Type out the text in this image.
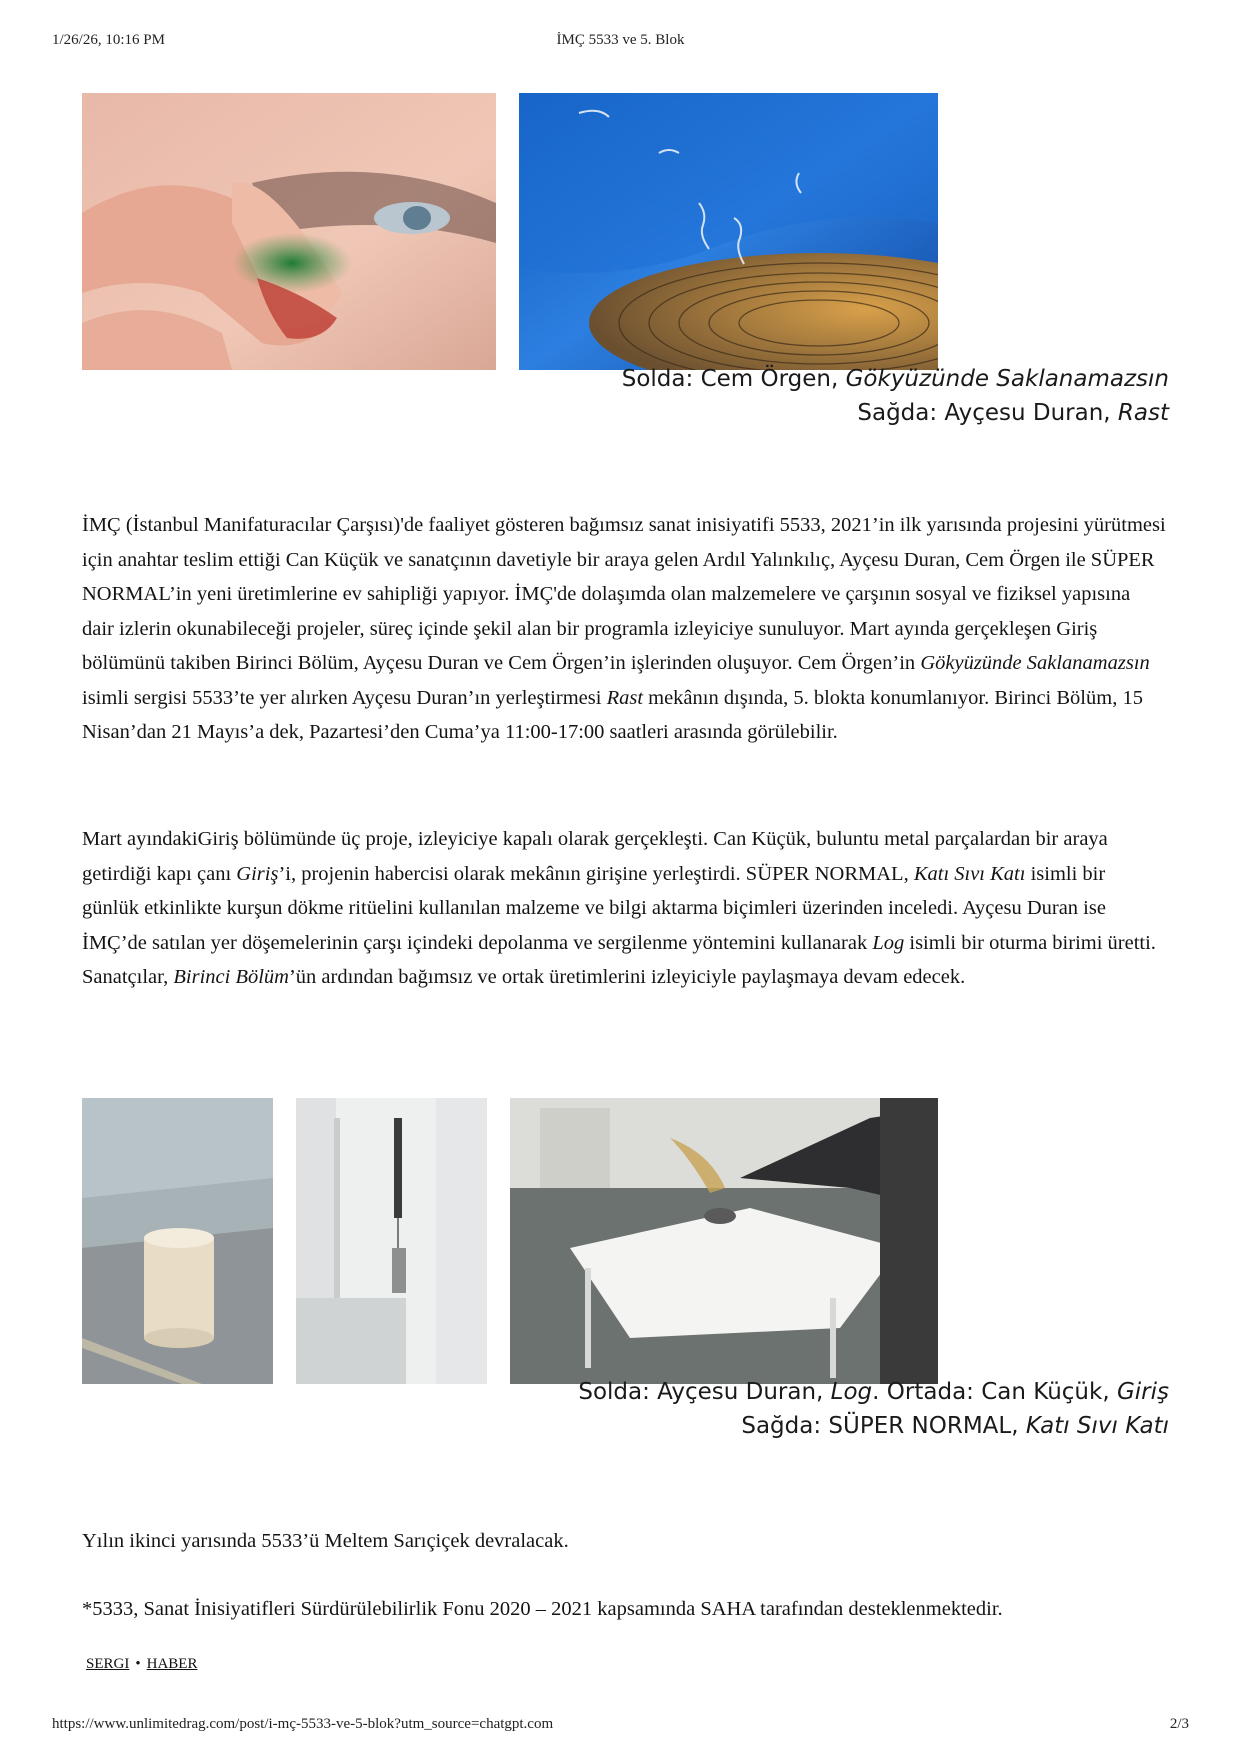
1/26/26, 10:16 PM	İMÇ 5533 ve 5. Blok
Solda: Cem Örgen, Gökyüzünde Saklanamazsın
Sağda: Ayçesu Duran, Rast

İMÇ (İstanbul Manifaturacılar Çarşısı)'de faaliyet gösteren bağımsız sanat inisiyatifi 5533, 2021’in ilk yarısında projesini yürütmesi için anahtar teslim ettiği Can Küçük ve sanatçının davetiyle bir araya gelen Ardıl Yalınkılıç, Ayçesu Duran, Cem Örgen ile SÜPER NORMAL’in yeni üretimlerine ev sahipliği yapıyor. İMÇ'de dolaşımda olan malzemelere ve çarşının sosyal ve fiziksel yapısına dair izlerin okunabileceği projeler, süreç içinde şekil alan bir programla izleyiciye sunuluyor. Mart ayında gerçekleşen Giriş bölümünü takiben Birinci Bölüm, Ayçesu Duran ve Cem Örgen’in işlerinden oluşuyor. Cem Örgen’in Gökyüzünde Saklanamazsın isimli sergisi 5533’te yer alırken Ayçesu Duran’ın yerleştirmesi Rast mekânın dışında, 5. blokta konumlanıyor. Birinci Bölüm, 15 Nisan’dan 21 Mayıs’a dek, Pazartesi’den Cuma’ya 11:00-17:00 saatleri arasında görülebilir.

Mart ayındakiGiriş bölümünde üç proje, izleyiciye kapalı olarak gerçekleşti. Can Küçük, buluntu metal parçalardan bir araya getirdiği kapı çanı Giriş’i, projenin habercisi olarak mekânın girişine yerleştirdi. SÜPER NORMAL, Katı Sıvı Katı isimli bir günlük etkinlikte kurşun dökme ritüelini kullanılan malzeme ve bilgi aktarma biçimleri üzerinden inceledi. Ayçesu Duran ise İMÇ’de satılan yer döşemelerinin çarşı içindeki depolanma ve sergilenme yöntemini kullanarak Log isimli bir oturma birimi üretti. Sanatçılar, Birinci Bölüm’ün ardından bağımsız ve ortak üretimlerini izleyiciyle paylaşmaya devam edecek.

Solda: Ayçesu Duran, Log. Ortada: Can Küçük, Giriş
Sağda: SÜPER NORMAL, Katı Sıvı Katı
Yılın ikinci yarısında 5533’ü Meltem Sarıçiçek devralacak.
*5333, Sanat İnisiyatifleri Sürdürülebilirlik Fonu 2020 – 2021 kapsamında SAHA tarafından desteklenmektedir.
SERGI • HABER
https://www.unlimitedrag.com/post/i-mç-5533-ve-5-blok?utm_source=chatgpt.com	2/3
